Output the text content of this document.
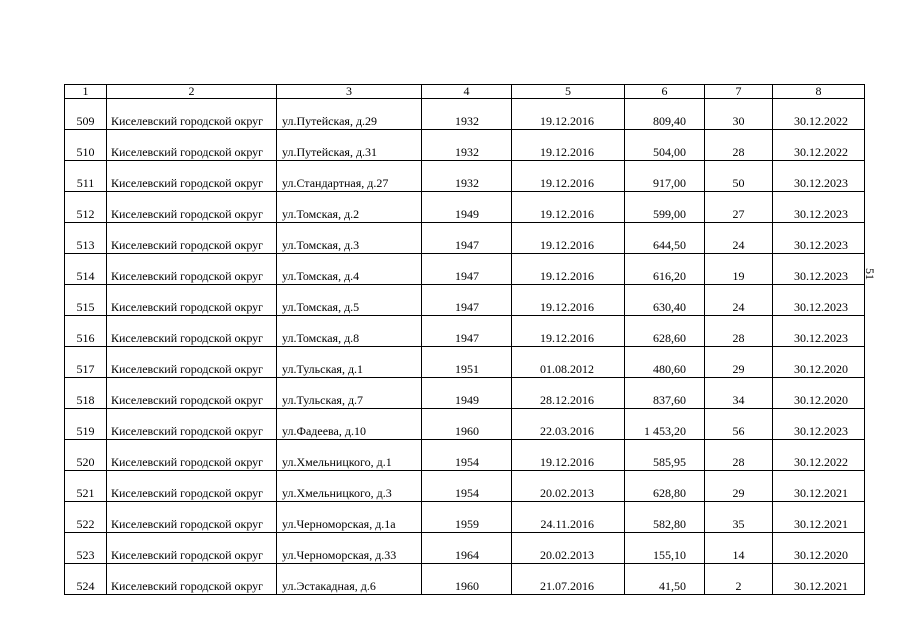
1	2	3	4	5	6	7	8
509	Киселевский городской округ	ул.Путейская, д.29	1932	19.12.2016	809,40	30	30.12.2022
510	Киселевский городской округ	ул.Путейская, д.31	1932	19.12.2016	504,00	28	30.12.2022
511	Киселевский городской округ	ул.Стандартная, д.27	1932	19.12.2016	917,00	50	30.12.2023
512	Киселевский городской округ	ул.Томская, д.2	1949	19.12.2016	599,00	27	30.12.2023
513	Киселевский городской округ	ул.Томская, д.3	1947	19.12.2016	644,50	24	30.12.2023
514	Киселевский городской округ	ул.Томская, д.4	1947	19.12.2016	616,20	19	30.12.2023
515	Киселевский городской округ	ул.Томская, д.5	1947	19.12.2016	630,40	24	30.12.2023
516	Киселевский городской округ	ул.Томская, д.8	1947	19.12.2016	628,60	28	30.12.2023
517	Киселевский городской округ	ул.Тульская, д.1	1951	01.08.2012	480,60	29	30.12.2020
518	Киселевский городской округ	ул.Тульская, д.7	1949	28.12.2016	837,60	34	30.12.2020
519	Киселевский городской округ	ул.Фадеева, д.10	1960	22.03.2016	1 453,20	56	30.12.2023
520	Киселевский городской округ	ул.Хмельницкого, д.1	1954	19.12.2016	585,95	28	30.12.2022
521	Киселевский городской округ	ул.Хмельницкого, д.3	1954	20.02.2013	628,80	29	30.12.2021
522	Киселевский городской округ	ул.Черноморская, д.1а	1959	24.11.2016	582,80	35	30.12.2021
523	Киселевский городской округ	ул.Черноморская, д.33	1964	20.02.2013	155,10	14	30.12.2020
524	Киселевский городской округ	ул.Эстакадная, д.6	1960	21.07.2016	41,50	2	30.12.2021
51
